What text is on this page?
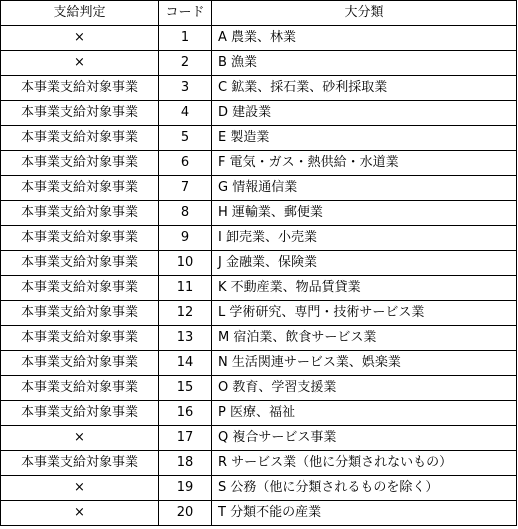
支給判定	コード	大分類
×	1	A 農業、林業
×	2	B 漁業
本事業支給対象事業	3	C 鉱業、採石業、砂利採取業
本事業支給対象事業	4	D 建設業
本事業支給対象事業	5	E 製造業
本事業支給対象事業	6	F 電気・ガス・熱供給・水道業
本事業支給対象事業	7	G 情報通信業
本事業支給対象事業	8	H 運輸業、郵便業
本事業支給対象事業	9	I 卸売業、小売業
本事業支給対象事業	10	J 金融業、保険業
本事業支給対象事業	11	K 不動産業、物品賃貸業
本事業支給対象事業	12	L 学術研究、専門・技術サービス業
本事業支給対象事業	13	M 宿泊業、飲食サービス業
本事業支給対象事業	14	N 生活関連サービス業、娯楽業
本事業支給対象事業	15	O 教育、学習支援業
本事業支給対象事業	16	P 医療、福祉
×	17	Q 複合サービス事業
本事業支給対象事業	18	R サービス業（他に分類されないもの）
×	19	S 公務（他に分類されるものを除く）
×	20	T 分類不能の産業
